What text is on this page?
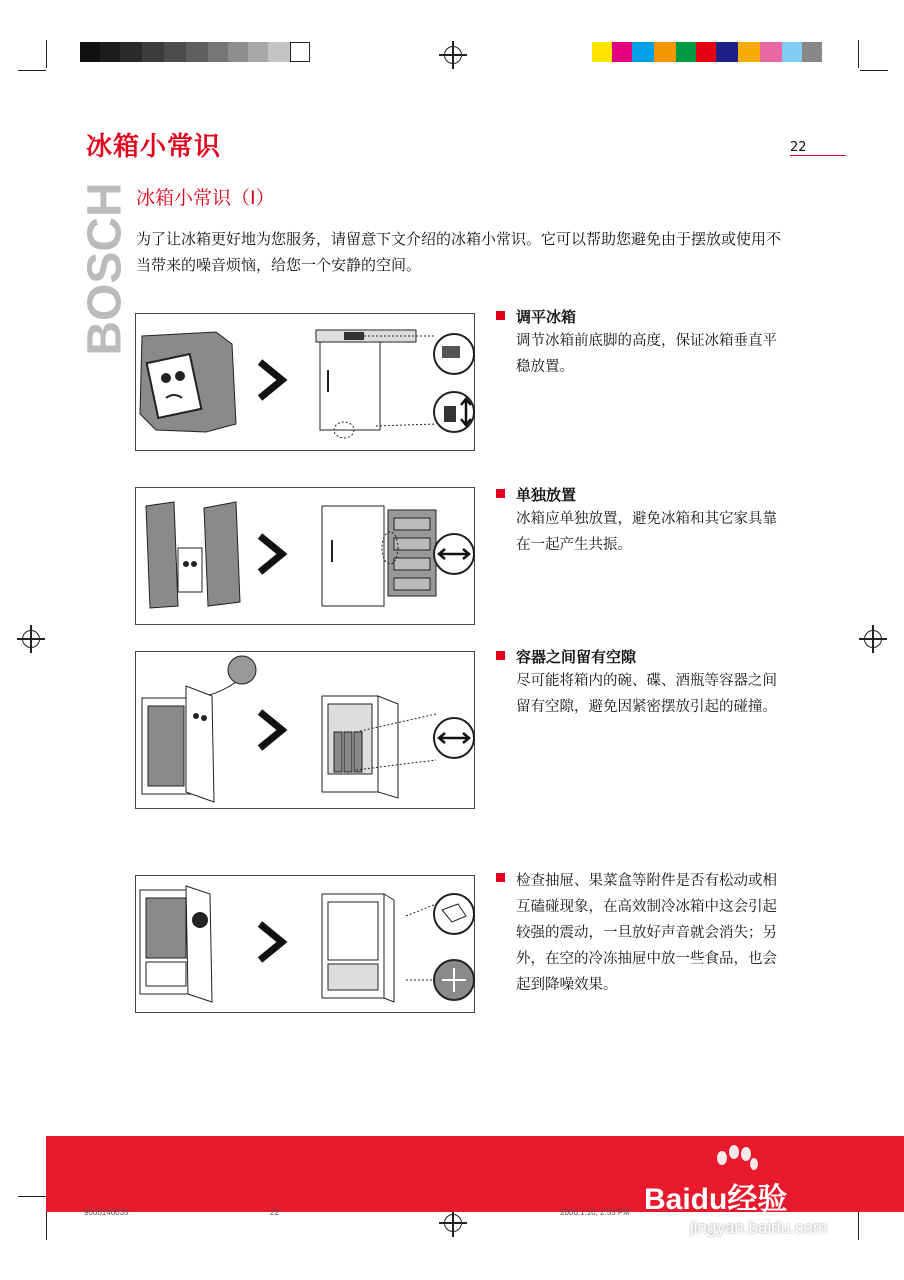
冰箱小常识	22
BOSCH 冰箱小常识（I）
为了让冰箱更好地为您服务，请留意下文介绍的冰箱小常识。它可以帮助您避免由于摆放或使用不当带来的噪音烦恼，给您一个安静的空间。
调平冰箱
调节冰箱前底脚的高度，保证冰箱垂直平稳放置。
单独放置
冰箱应单独放置，避免冰箱和其它家具靠在一起产生共振。
容器之间留有空隙
尽可能将箱内的碗、碟、酒瓶等容器之间留有空隙，避免因紧密摆放引起的碰撞。
检查抽屉、果菜盒等附件是否有松动或相互磕碰现象，在高效制冷冰箱中这会引起较强的震动，一旦放好声音就会消失；另外，在空的冷冻抽屉中放一些食品，也会起到降噪效果。
9000146035	22	2006.1.10, 2:55 PM Baidu经验
jingyan.baidu.com
